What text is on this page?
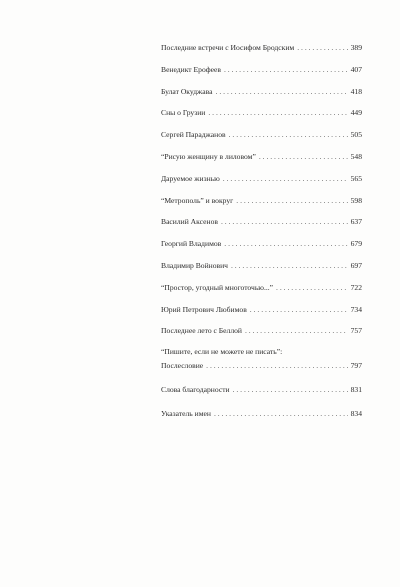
Последние встречи с Иосифом Бродским . . .	389
Венедикт Ерофеев . . .	407
Булат Окуджава . . .	418
Сны о Грузии . . .	449
Сергей Параджанов . . .	505
“Рисую женщину в лиловом” . . .	548
Даруемое жизнью . . .	565
“Метрополь” и вокруг . . .	598
Василий Аксенов . . .	637
Георгий Владимов . . .	679
Владимир Войнович . . .	697
“Простор, угодный многоточью...” . . .	722
Юрий Петрович Любимов . . .	734
Последнее лето с Беллой . . .	757
“Пишите, если не можете не писать”:
Послесловие . . .	797
Слова благодарности . . .	831
Указатель имен . . .	834
